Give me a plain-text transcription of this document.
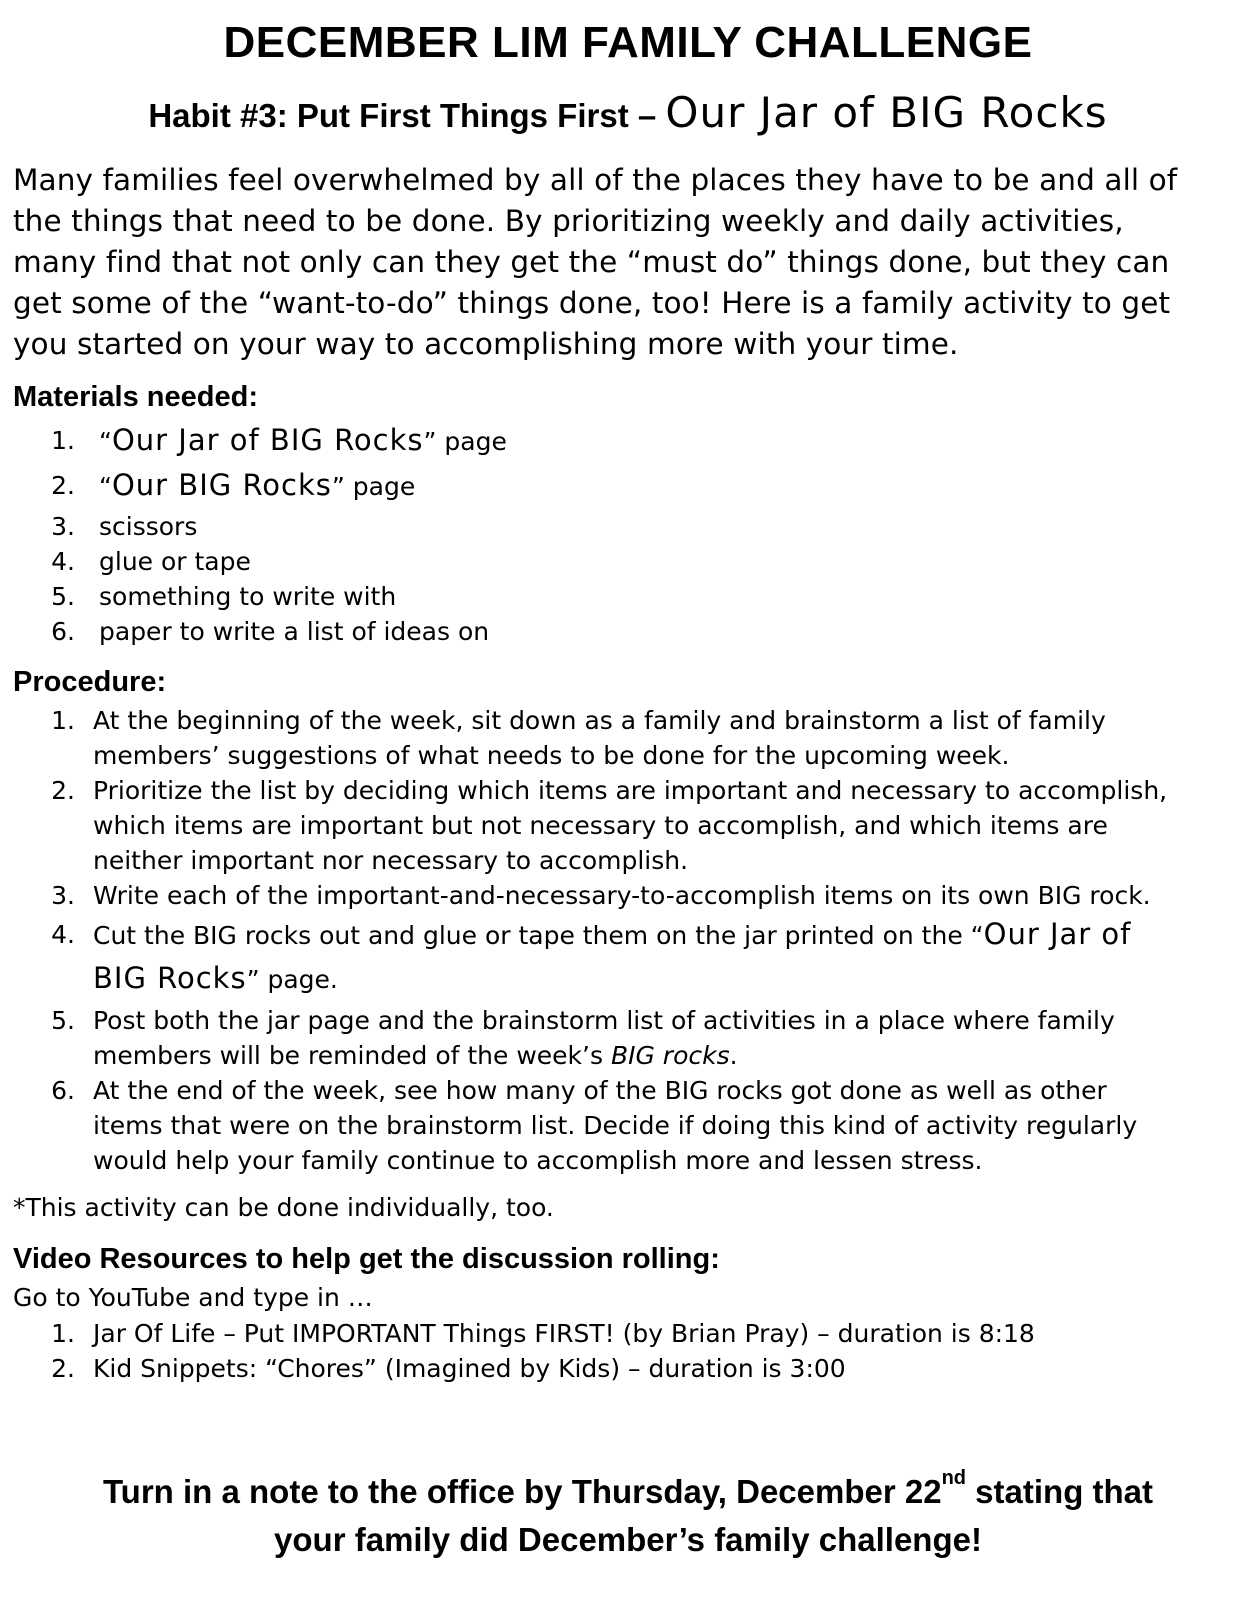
DECEMBER LIM FAMILY CHALLENGE
Habit #3: Put First Things First – Our Jar of BIG Rocks
Many families feel overwhelmed by all of the places they have to be and all of
the things that need to be done. By prioritizing weekly and daily activities,
many find that not only can they get the “must do” things done, but they can
get some of the “want-to-do” things done, too! Here is a family activity to get
you started on your way to accomplishing more with your time.
Materials needed:
1. “Our Jar of BIG Rocks” page
2. “Our BIG Rocks” page
3. scissors
4. glue or tape
5. something to write with
6. paper to write a list of ideas on
Procedure:
1. At the beginning of the week, sit down as a family and brainstorm a list of family
members’ suggestions of what needs to be done for the upcoming week.
2. Prioritize the list by deciding which items are important and necessary to accomplish,
which items are important but not necessary to accomplish, and which items are
neither important nor necessary to accomplish.
3. Write each of the important-and-necessary-to-accomplish items on its own BIG rock.
4. Cut the BIG rocks out and glue or tape them on the jar printed on the “Our Jar of
BIG Rocks” page.
5. Post both the jar page and the brainstorm list of activities in a place where family
members will be reminded of the week’s BIG rocks.
6. At the end of the week, see how many of the BIG rocks got done as well as other
items that were on the brainstorm list. Decide if doing this kind of activity regularly
would help your family continue to accomplish more and lessen stress.
*This activity can be done individually, too.
Video Resources to help get the discussion rolling:
Go to YouTube and type in …
1. Jar Of Life – Put IMPORTANT Things FIRST! (by Brian Pray) – duration is 8:18
2. Kid Snippets: “Chores” (Imagined by Kids) – duration is 3:00
Turn in a note to the office by Thursday, December 22nd stating that
your family did December’s family challenge!
